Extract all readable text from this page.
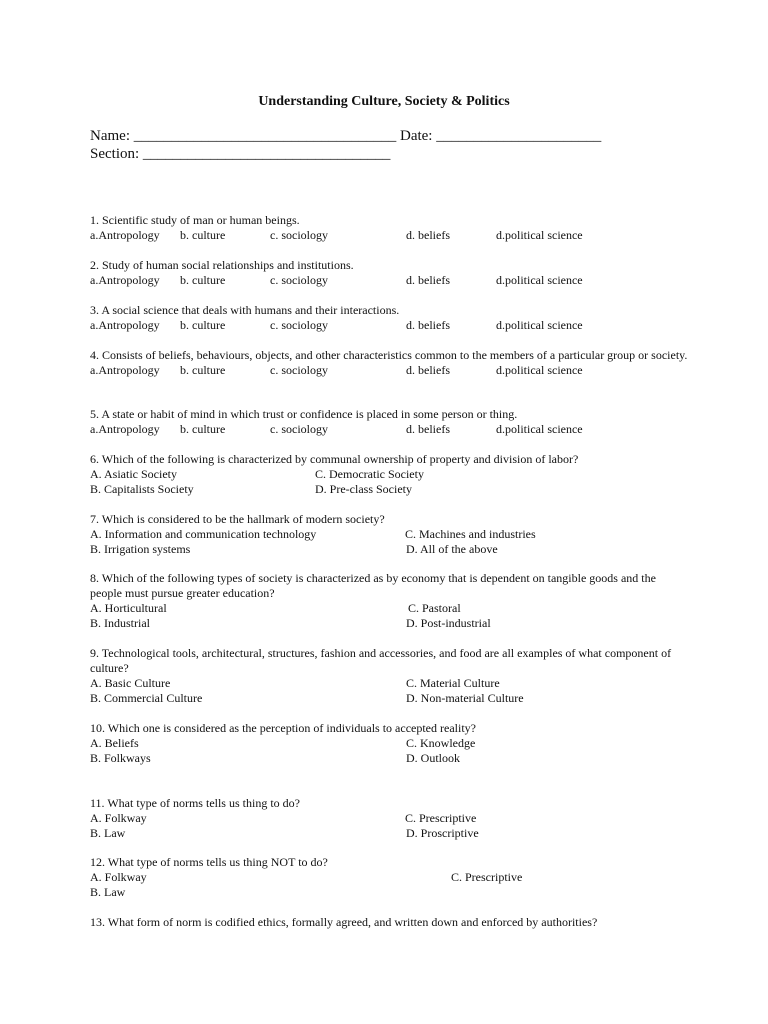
Understanding Culture, Society & Politics
Name: ___________________________________ Date: ______________________
Section: _________________________________
1. Scientific study of man or human beings.
a.Antropology b. culture	c. sociology	d. beliefs	d.political science
2. Study of human social relationships and institutions.
a.Antropology b. culture	c. sociology	d. beliefs	d.political science
3. A social science that deals with humans and their interactions.
a.Antropology b. culture	c. sociology	d. beliefs	d.political science
4. Consists of beliefs, behaviours, objects, and other characteristics common to the members of a particular group or society.
a.Antropology b. culture	c. sociology	d. beliefs	d.political science
5. A state or habit of mind in which trust or confidence is placed in some person or thing.
a.Antropology b. culture	c. sociology	d. beliefs	d.political science
6. Which of the following is characterized by communal ownership of property and division of labor?
A. Asiatic Society	C. Democratic Society
B. Capitalists Society	D. Pre-class Society
7. Which is considered to be the hallmark of modern society?
A. Information and communication technology	C. Machines and industries
B. Irrigation systems	D. All of the above
8. Which of the following types of society is characterized as by economy that is dependent on tangible goods and the people must pursue greater education?
A. Horticultural	C. Pastoral
B. Industrial	D. Post-industrial
9. Technological tools, architectural, structures, fashion and accessories, and food are all examples of what component of culture?
A. Basic Culture	C. Material Culture
B. Commercial Culture	D. Non-material Culture
10. Which one is considered as the perception of individuals to accepted reality?
A. Beliefs	C. Knowledge
B. Folkways	D. Outlook
11. What type of norms tells us thing to do?
A. Folkway	C. Prescriptive
B. Law	D. Proscriptive
12. What type of norms tells us thing NOT to do?
A. Folkway	C. Prescriptive
B. Law
13. What form of norm is codified ethics, formally agreed, and written down and enforced by authorities?
